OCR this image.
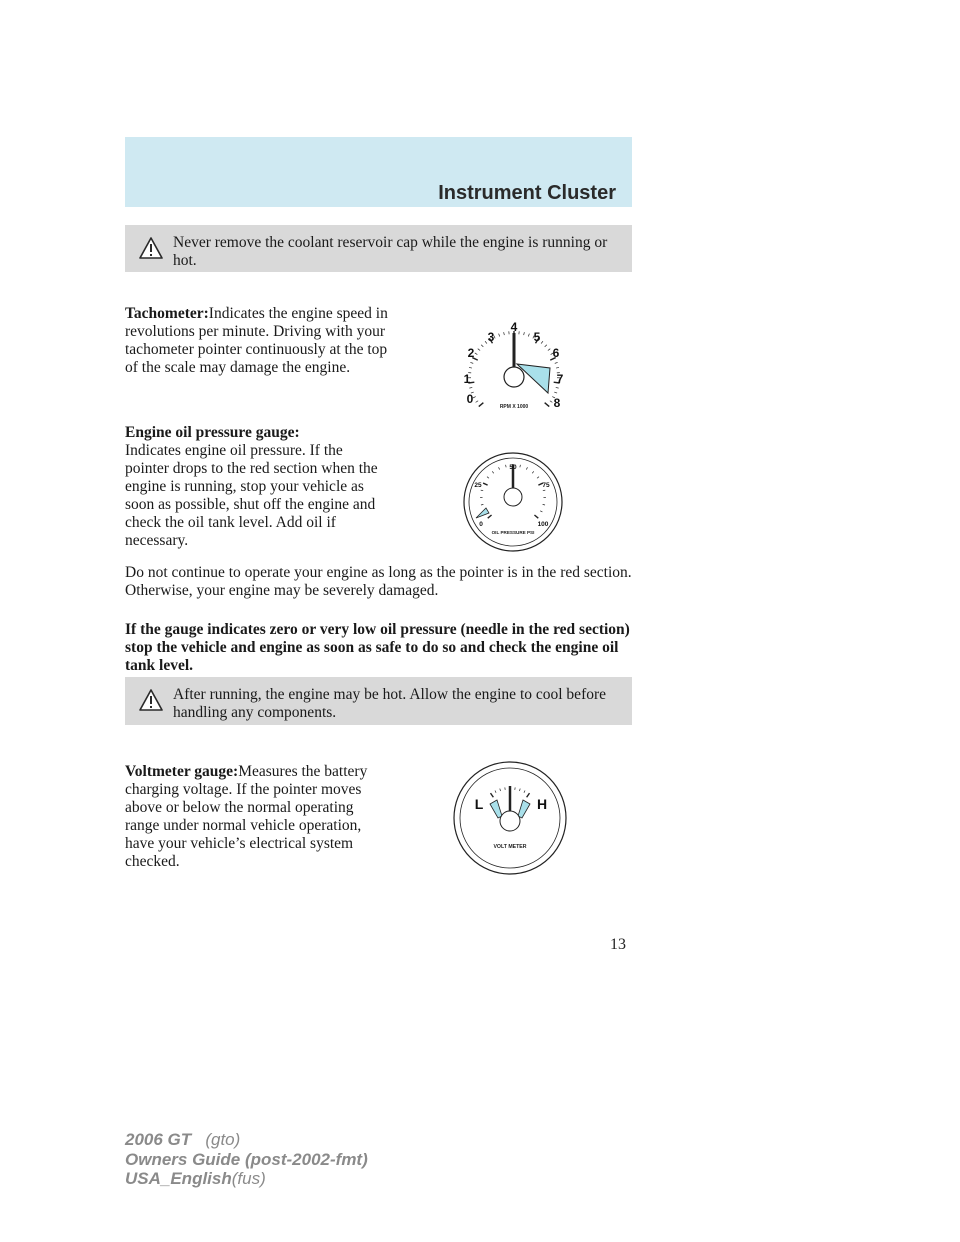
Instrument Cluster
Never remove the coolant reservoir cap while the engine is running or hot.

Tachometer:Indicates the engine speed in revolutions per minute. Driving with your tachometer pointer continuously at the top of the scale may damage the engine.

0
1
2
3
4
5
6
7
8
RPM X 1000

Engine oil pressure gauge:
Indicates engine oil pressure. If the pointer drops to the red section when the engine is running, stop your vehicle as soon as possible, shut off the engine and check the oil tank level. Add oil if necessary.

0
25
50
75
100
OIL PRESSURE PSI

Do not continue to operate your engine as long as the pointer is in the red section. Otherwise, your engine may be severely damaged.

If the gauge indicates zero or very low oil pressure (needle in the red section) stop the vehicle and engine as soon as safe to do so and check the engine oil tank level.

After running, the engine may be hot. Allow the engine to cool before handling any components.

Voltmeter gauge:Measures the battery charging voltage. If the pointer moves above or below the normal operating range under normal vehicle operation, have your vehicle’s electrical system checked.

L	H
VOLT METER
13
2006 GT (gto)
Owners Guide (post-2002-fmt)
USA_English(fus)
